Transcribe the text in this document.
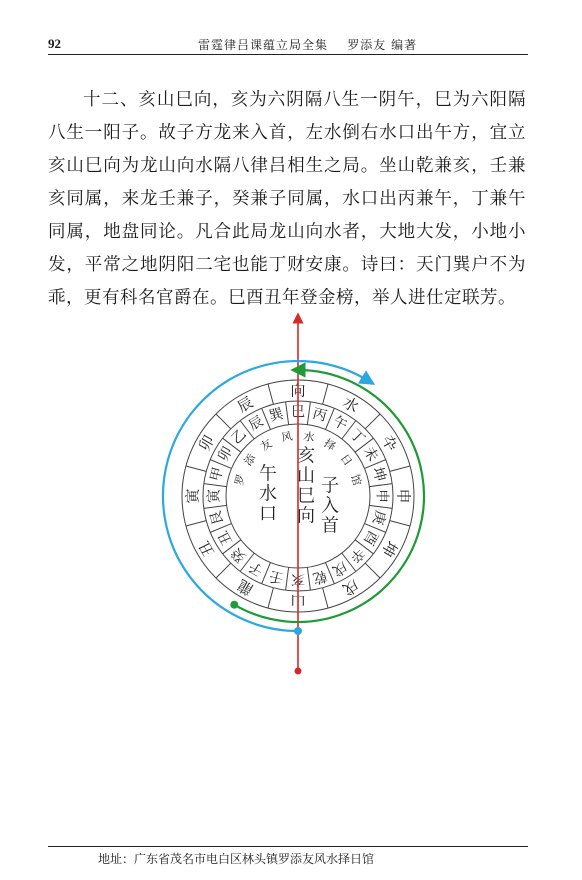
92	雷霆律吕课蕴立局全集 罗添友 编著

十二、亥山巳向，亥为六阴隔八生一阴午，巳为六阳隔八生一阳子。故子方龙来入首，左水倒右水口出午方，宜立亥山巳向为龙山向水隔八律吕相生之局。坐山乾兼亥，壬兼亥同属，来龙壬兼子，癸兼子同属，水口出丙兼午，丁兼午同属，地盘同论。凡合此局龙山向水者，大地大发，小地小发，平常之地阴阳二宅也能丁财安康。诗曰：天门巽户不为乖，更有科名官爵在。巳酉丑年登金榜，举人进仕定联芳。

向
水
卆
申
坤
戌
山
龍
丑
寅
卯
辰 巳 丙 午
丁
未
坤
申
庚
酉
辛
戌
乾
亥
壬
子
癸
丑
艮
寅
甲
卯
乙
辰 巽
罗
添
友 风 水 择
日
馆
亥
山
巳
向
子
入
首
午
水
口
地址：广东省茂名市电白区林头镇罗添友风水择日馆
